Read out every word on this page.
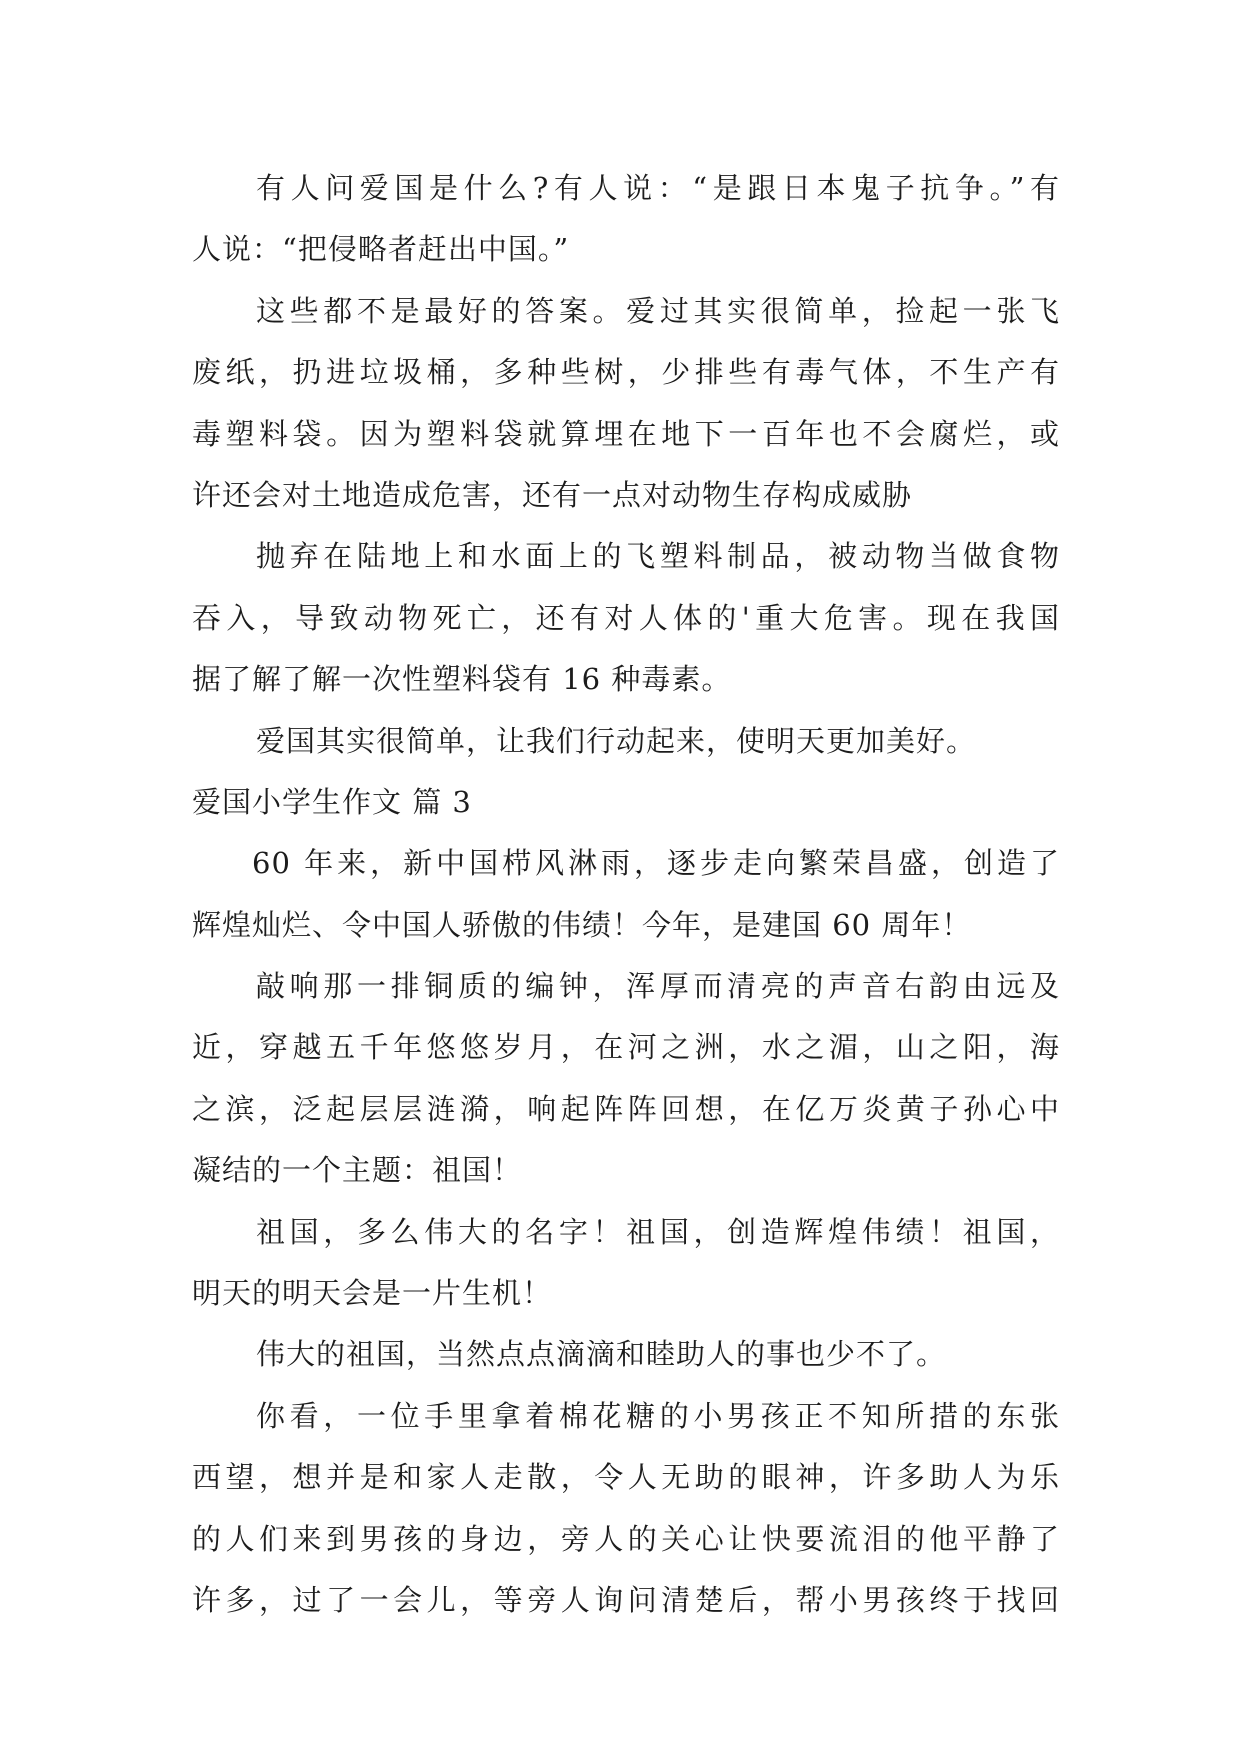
有人问爱国是什么?有人说：“是跟日本鬼子抗争。”有
人说：“把侵略者赶出中国。”
这些都不是最好的答案。爱过其实很简单，捡起一张飞
废纸，扔进垃圾桶，多种些树，少排些有毒气体，不生产有
毒塑料袋。因为塑料袋就算埋在地下一百年也不会腐烂，或
许还会对土地造成危害，还有一点对动物生存构成威胁
抛弃在陆地上和水面上的飞塑料制品，被动物当做食物
吞入，导致动物死亡，还有对人体的'重大危害。现在我国
据了解了解一次性塑料袋有 16 种毒素。
爱国其实很简单，让我们行动起来，使明天更加美好。
爱国小学生作文 篇 3
60 年来，新中国栉风淋雨，逐步走向繁荣昌盛，创造了
辉煌灿烂、令中国人骄傲的伟绩！今年，是建国 60 周年！
敲响那一排铜质的编钟，浑厚而清亮的声音右韵由远及
近，穿越五千年悠悠岁月，在河之洲，水之湄，山之阳，海
之滨，泛起层层涟漪，响起阵阵回想，在亿万炎黄子孙心中
凝结的一个主题：祖国！
祖国，多么伟大的名字！祖国，创造辉煌伟绩！祖国，
明天的明天会是一片生机！
伟大的祖国，当然点点滴滴和睦助人的事也少不了。
你看，一位手里拿着棉花糖的小男孩正不知所措的东张
西望，想并是和家人走散，令人无助的眼神，许多助人为乐
的人们来到男孩的身边，旁人的关心让快要流泪的他平静了
许多，过了一会儿，等旁人询问清楚后，帮小男孩终于找回
